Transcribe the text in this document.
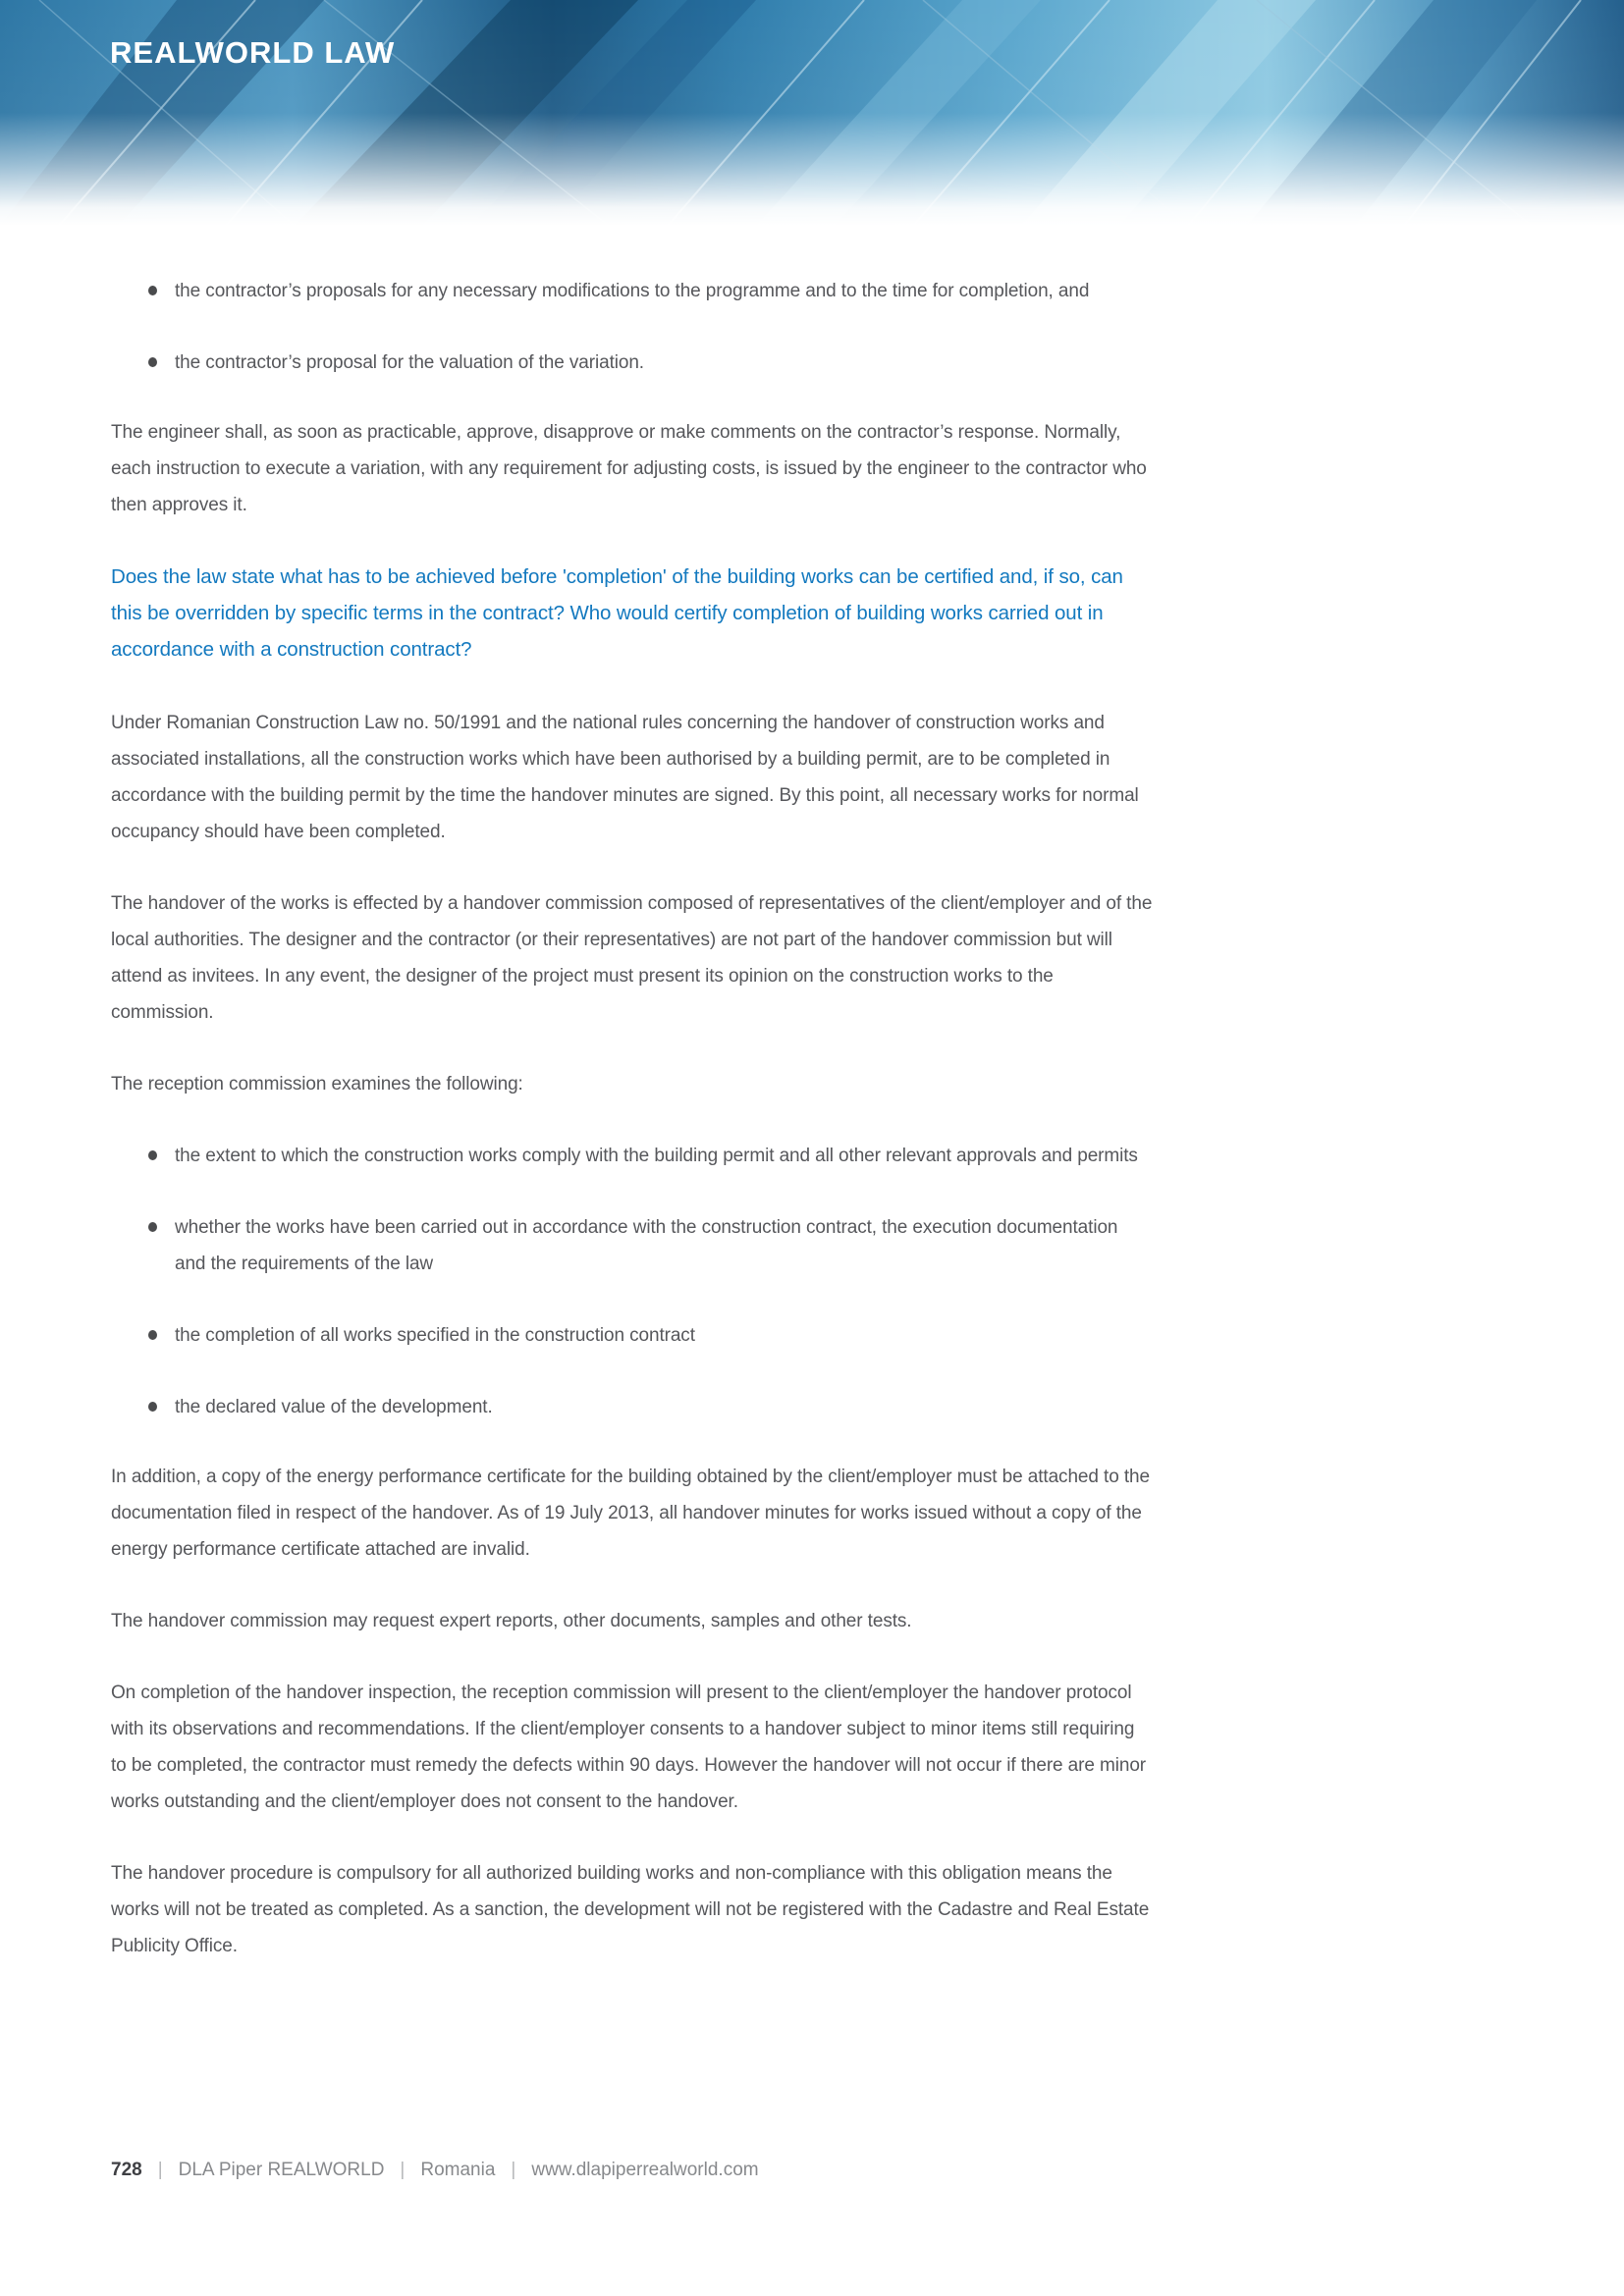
REALWORLD LAW
the contractor’s proposals for any necessary modifications to the programme and to the time for completion, and
the contractor’s proposal for the valuation of the variation.

The engineer shall, as soon as practicable, approve, disapprove or make comments on the contractor’s response. Normally, each instruction to execute a variation, with any requirement for adjusting costs, is issued by the engineer to the contractor who then approves it.

Does the law state what has to be achieved before 'completion' of the building works can be certified and, if so, can this be overridden by specific terms in the contract? Who would certify completion of building works carried out in accordance with a construction contract?

Under Romanian Construction Law no. 50/1991 and the national rules concerning the handover of construction works and associated installations, all the construction works which have been authorised by a building permit, are to be completed in accordance with the building permit by the time the handover minutes are signed. By this point, all necessary works for normal occupancy should have been completed.

The handover of the works is effected by a handover commission composed of representatives of the client/employer and of the local authorities. The designer and the contractor (or their representatives) are not part of the handover commission but will attend as invitees. In any event, the designer of the project must present its opinion on the construction works to the commission.

The reception commission examines the following:

the extent to which the construction works comply with the building permit and all other relevant approvals and permits
whether the works have been carried out in accordance with the construction contract, the execution documentation and the requirements of the law
the completion of all works specified in the construction contract
the declared value of the development.

In addition, a copy of the energy performance certificate for the building obtained by the client/employer must be attached to the documentation filed in respect of the handover. As of 19 July 2013, all handover minutes for works issued without a copy of the energy performance certificate attached are invalid.

The handover commission may request expert reports, other documents, samples and other tests.

On completion of the handover inspection, the reception commission will present to the client/employer the handover protocol with its observations and recommendations. If the client/employer consents to a handover subject to minor items still requiring to be completed, the contractor must remedy the defects within 90 days. However the handover will not occur if there are minor works outstanding and the client/employer does not consent to the handover.

The handover procedure is compulsory for all authorized building works and non-compliance with this obligation means the works will not be treated as completed. As a sanction, the development will not be registered with the Cadastre and Real Estate Publicity Office.

728 | DLA Piper REALWORLD | Romania | www.dlapiperrealworld.com
